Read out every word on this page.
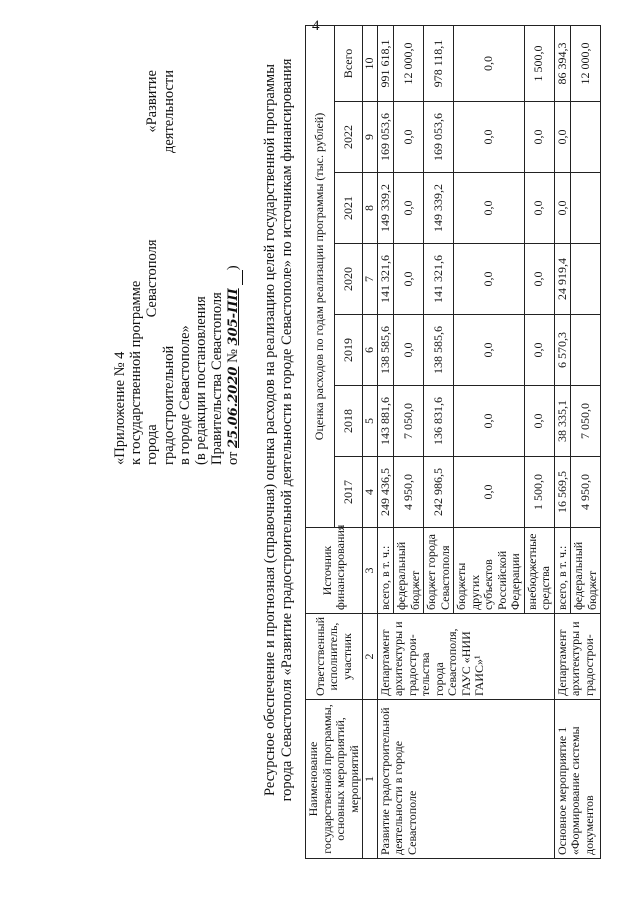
4
«Приложение № 4 к государственной программе города
Севастополя
«Развитие
градостроительной
деятельности
в городе Севастополе» (в редакции постановления Правительства Севастополя от 25.06.2020 № 305-ПП     ) Ресурсное обеспечение и прогнозная (справочная) оценка расходов на реализацию целей государственной программы города Севастополя «Развитие градостроительной деятельности в городе Севастополе» по источникам финансирования Наименование государственной программы, основных мероприятий, мероприятий	Ответственный исполнитель, участник	Источник финансирования	Оценка расходов по годам реализации программы (тыс. рублей)						
			2017	2018	2019	2020	2021	2022	Всего
1	2	3	4	5	6	7	8	9	10
Развитие градостроительной деятельности в городе Севастополе	Департамент архитектуры и градострои-тельства города Севастополя, ГАУС «НИИ ГАИС»¹	всего, в т. ч.:	249 436,5	143 881,6	138 585,6	141 321,6	149 339,2	169 053,6	991 618,1
		федеральный бюджет	4 950,0	7 050,0	0,0	0,0	0,0	0,0	12 000,0
		бюджет города Севастополя	242 986,5	136 831,6	138 585,6	141 321,6	149 339,2	169 053,6	978 118,1
		бюджеты других субъектов Российской Федерации	0,0	0,0	0,0	0,0	0,0	0,0	0,0
		внебюджетные средства	1 500,0	0,0	0,0	0,0	0,0	0,0	1 500,0
Основное мероприятие 1 «Формирование системы документов	Департамент архитектуры и градострои-	всего, в т. ч.:	16 569,5	38 335,1	6 570,3	24 919,4	0,0	0,0	86 394,3
		федеральный бюджет	4 950,0	7 050,0					12 000,0
